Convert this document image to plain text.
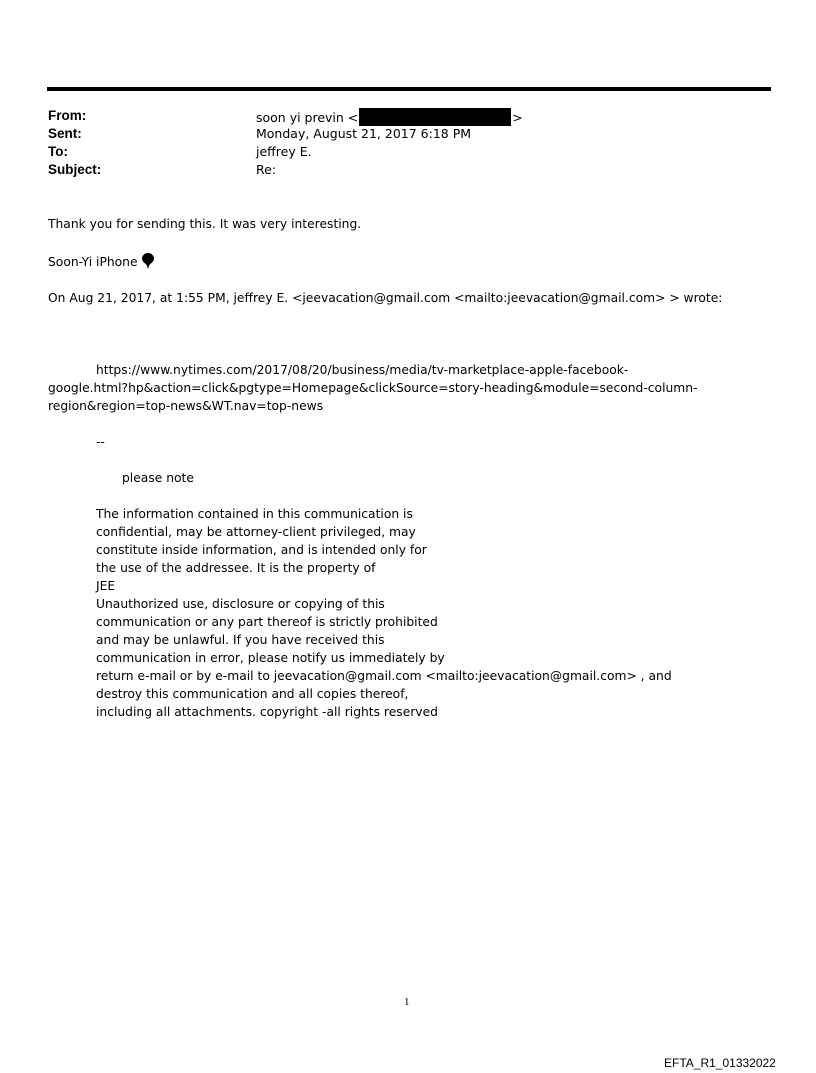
From:	soon yi previn <	>
Sent:	Monday, August 21, 2017 6:18 PM
To:	jeffrey E.
Subject:	Re:
Thank you for sending this. It was very interesting.
Soon-Yi iPhone
On Aug 21, 2017, at 1:55 PM, jeffrey E. <jeevacation@gmail.com <mailto:jeevacation@gmail.com> > wrote:
https://www.nytimes.com/2017/08/20/business/media/tv-marketplace-apple-facebook-
google.html?hp&action=click&pgtype=Homepage&clickSource=story-heading&module=second-column-
region&region=top-news&WT.nav=top-news
--
please note
The information contained in this communication is
confidential, may be attorney-client privileged, may
constitute inside information, and is intended only for
the use of the addressee. It is the property of
JEE
Unauthorized use, disclosure or copying of this
communication or any part thereof is strictly prohibited
and may be unlawful. If you have received this
communication in error, please notify us immediately by
return e-mail or by e-mail to jeevacation@gmail.com <mailto:jeevacation@gmail.com> , and
destroy this communication and all copies thereof,
including all attachments. copyright -all rights reserved
1
EFTA_R1_01332022
